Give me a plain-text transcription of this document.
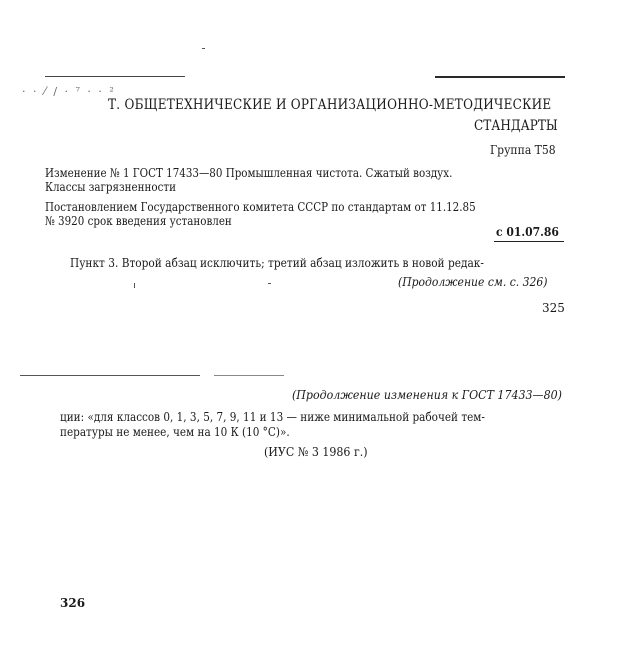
· · ⁄ ∕ · ⁷ · · ²
Т. ОБЩЕТЕХНИЧЕСКИЕ И ОРГАНИЗАЦИОННО-МЕТОДИЧЕСКИЕ
СТАНДАРТЫ
Группа Т58
Изменение № 1 ГОСТ 17433—80 Промышленная чистота. Сжатый воздух.
Классы загрязненности
Постановлением Государственного комитета СССР по стандартам от 11.12.85
№ 3920 срок введения установлен
с 01.07.86
Пункт 3. Второй абзац исключить; третий абзац изложить в новой редак-
(Продолжение см. с. 326)
325
(Продолжение изменения к ГОСТ 17433—80)
ции: «для классов 0, 1, 3, 5, 7, 9, 11 и 13 — ниже минимальной рабочей тем-
пературы не менее, чем на 10 К (10 °С)».
(ИУС № 3 1986 г.)
326
